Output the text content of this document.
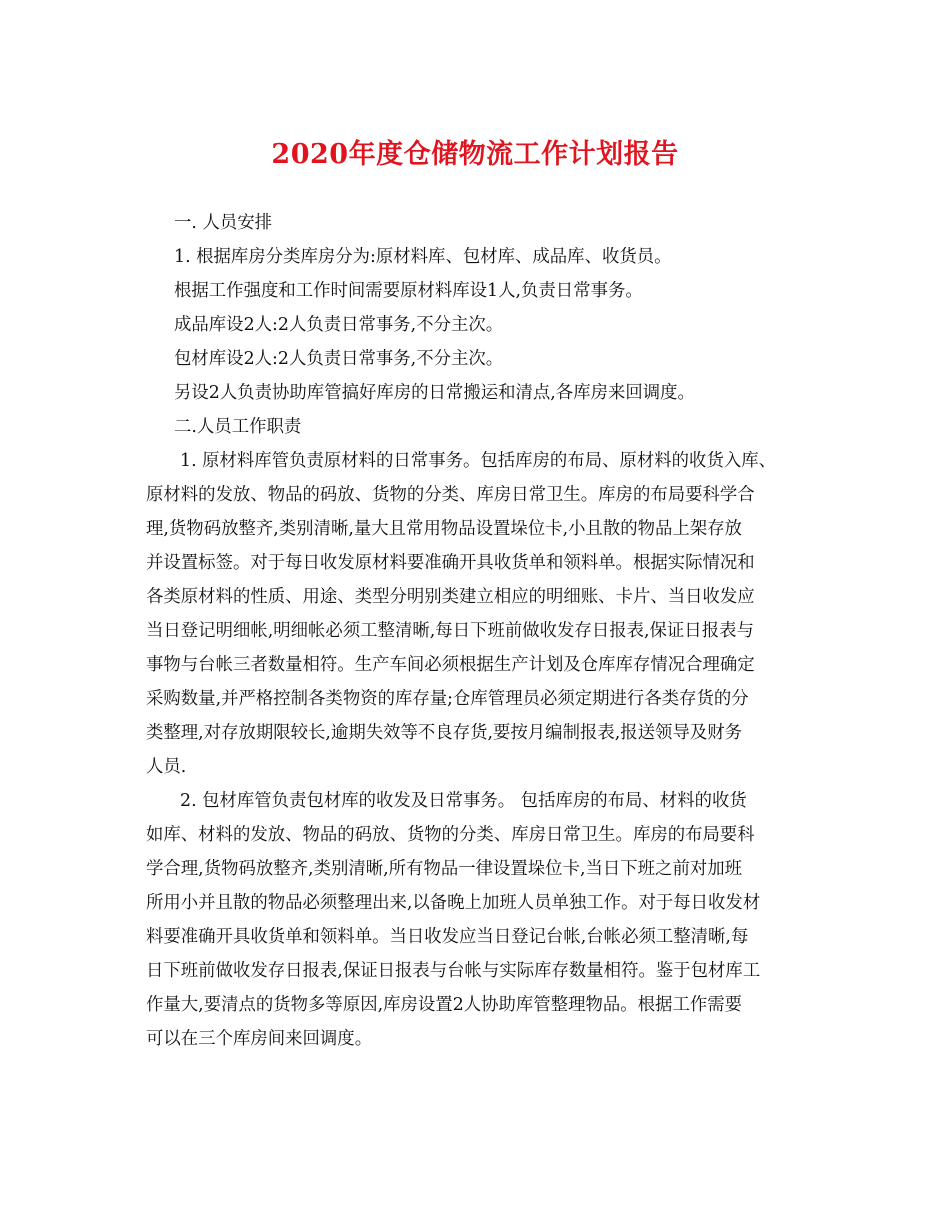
2020年度仓储物流工作计划报告
一. 人员安排
1. 根据库房分类库房分为:原材料库、包材库、成品库、收货员。
根据工作强度和工作时间需要原材料库设1人,负责日常事务。
成品库设2人:2人负责日常事务,不分主次。
包材库设2人:2人负责日常事务,不分主次。
另设2人负责协助库管搞好库房的日常搬运和清点,各库房来回调度。
二.人员工作职责
1. 原材料库管负责原材料的日常事务。包括库房的布局、原材料的收货入库、
原材料的发放、物品的码放、货物的分类、库房日常卫生。库房的布局要科学合
理,货物码放整齐,类别清晰,量大且常用物品设置垛位卡,小且散的物品上架存放
并设置标签。对于每日收发原材料要准确开具收货单和领料单。根据实际情况和
各类原材料的性质、用途、类型分明别类建立相应的明细账、卡片、当日收发应
当日登记明细帐,明细帐必须工整清晰,每日下班前做收发存日报表,保证日报表与
事物与台帐三者数量相符。生产车间必须根据生产计划及仓库库存情况合理确定
采购数量,并严格控制各类物资的库存量;仓库管理员必须定期进行各类存货的分
类整理,对存放期限较长,逾期失效等不良存货,要按月编制报表,报送领导及财务
人员.
2. 包材库管负责包材库的收发及日常事务。 包括库房的布局、材料的收货
如库、材料的发放、物品的码放、货物的分类、库房日常卫生。库房的布局要科
学合理,货物码放整齐,类别清晰,所有物品一律设置垛位卡,当日下班之前对加班
所用小并且散的物品必须整理出来,以备晚上加班人员单独工作。对于每日收发材
料要准确开具收货单和领料单。当日收发应当日登记台帐,台帐必须工整清晰,每
日下班前做收发存日报表,保证日报表与台帐与实际库存数量相符。鉴于包材库工
作量大,要清点的货物多等原因,库房设置2人协助库管整理物品。根据工作需要
可以在三个库房间来回调度。
